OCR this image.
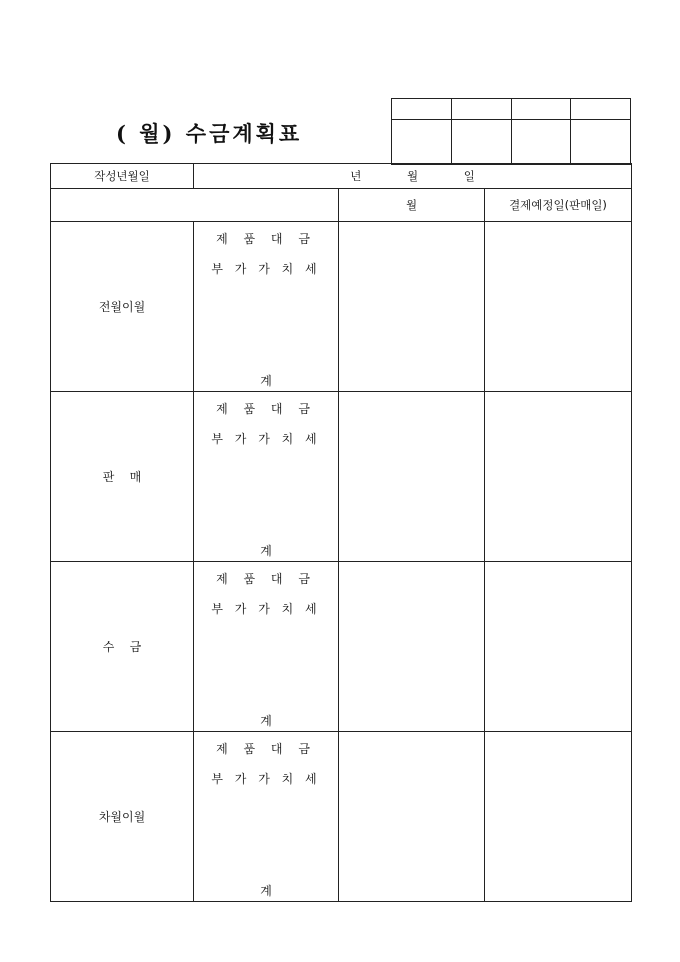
( 월) 수금계획표

작성년월일	년 월 일		
		월	결제예정일(판매일)
전월이월	제 품 대 금
부 가 가 치 세
계		

판    매	제 품 대 금
부 가 가 치 세
계		

수    금	제 품 대 금
부 가 가 치 세
계		

차월이월	제 품 대 금
부 가 가 치 세
계		
